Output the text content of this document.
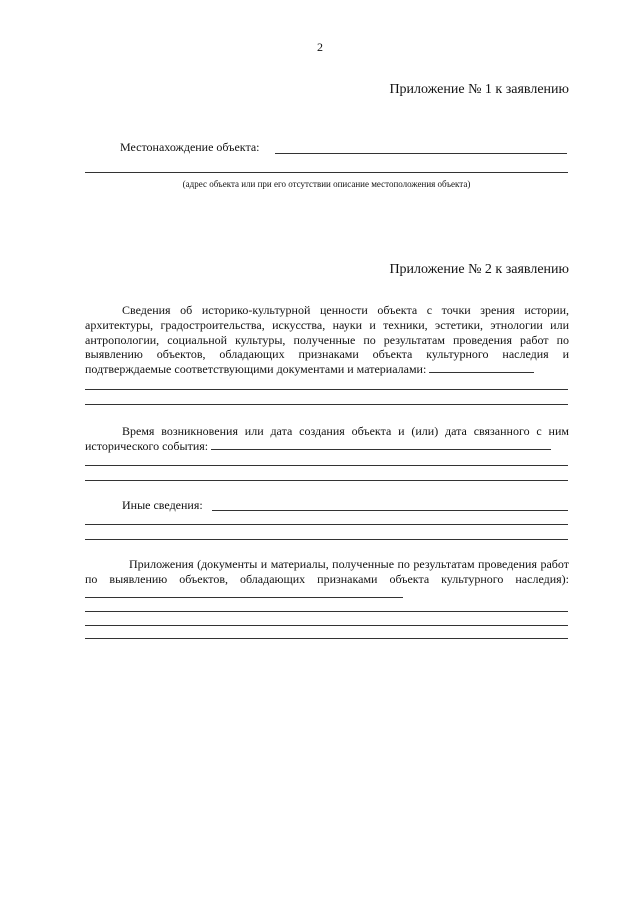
2
Приложение № 1 к заявлению
Местонахождение объекта:
(адрес объекта или при его отсутствии описание местоположения объекта)
Приложение № 2 к заявлению
Сведения об историко-культурной ценности объекта с точки зрения истории, архитектуры, градостроительства, искусства, науки и техники, эстетики, этнологии или антропологии, социальной культуры, полученные по результатам проведения работ по выявлению объектов, обладающих признаками объекта культурного наследия и подтверждаемые соответствующими документами и материалами:
Время возникновения или дата создания объекта и (или) дата связанного с ним исторического события:
Иные сведения:
Приложения (документы и материалы, полученные по результатам проведения работ по выявлению объектов, обладающих признаками объекта культурного наследия):
